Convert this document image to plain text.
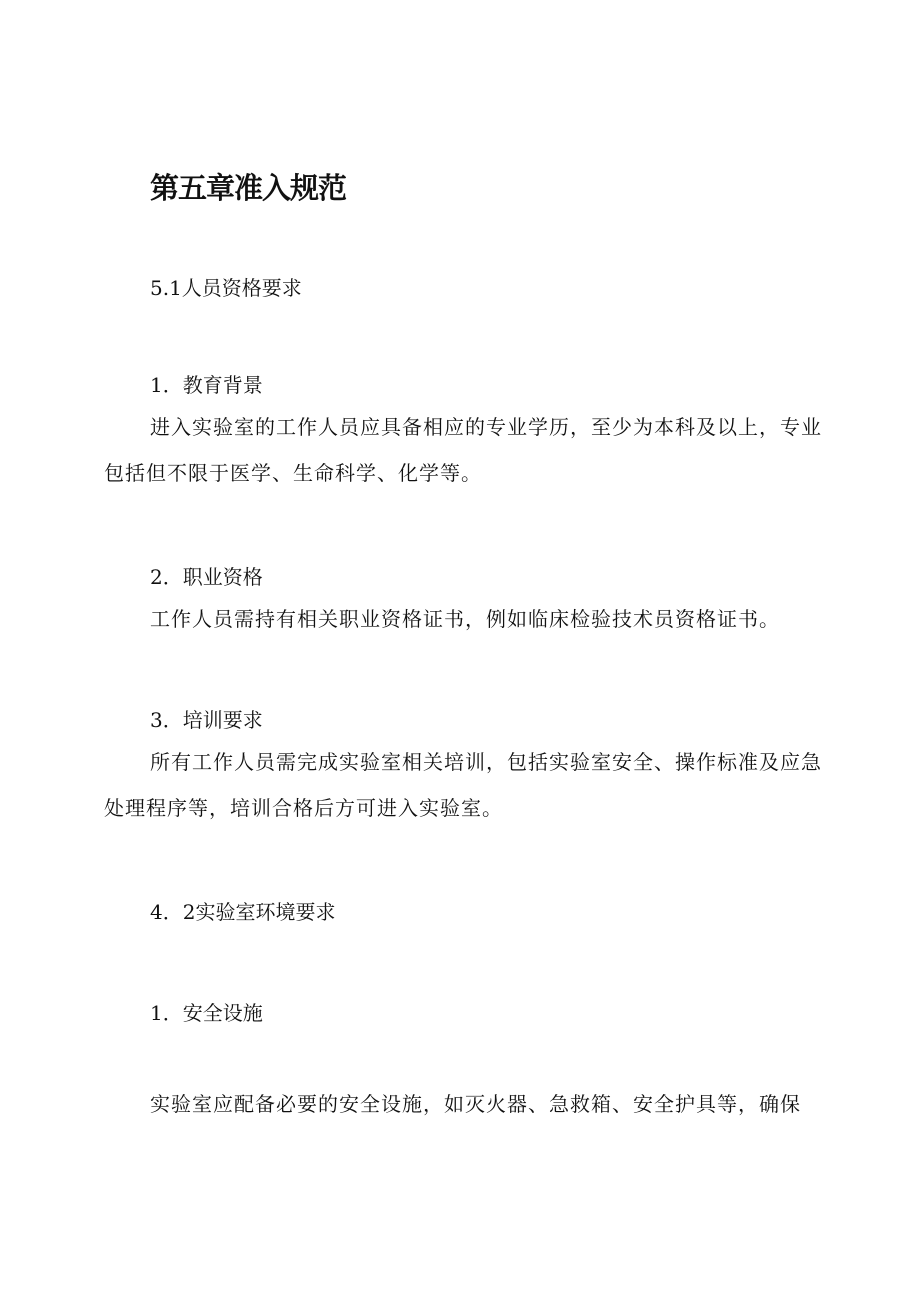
第五章准入规范

5.1人员资格要求

1．教育背景

进入实验室的工作人员应具备相应的专业学历，至少为本科及以上，专业包括但不限于医学、生命科学、化学等。

2．职业资格

工作人员需持有相关职业资格证书，例如临床检验技术员资格证书。

3．培训要求

所有工作人员需完成实验室相关培训，包括实验室安全、操作标准及应急处理程序等，培训合格后方可进入实验室。

4．2实验室环境要求

1．安全设施

实验室应配备必要的安全设施，如灭火器、急救箱、安全护具等，确保
